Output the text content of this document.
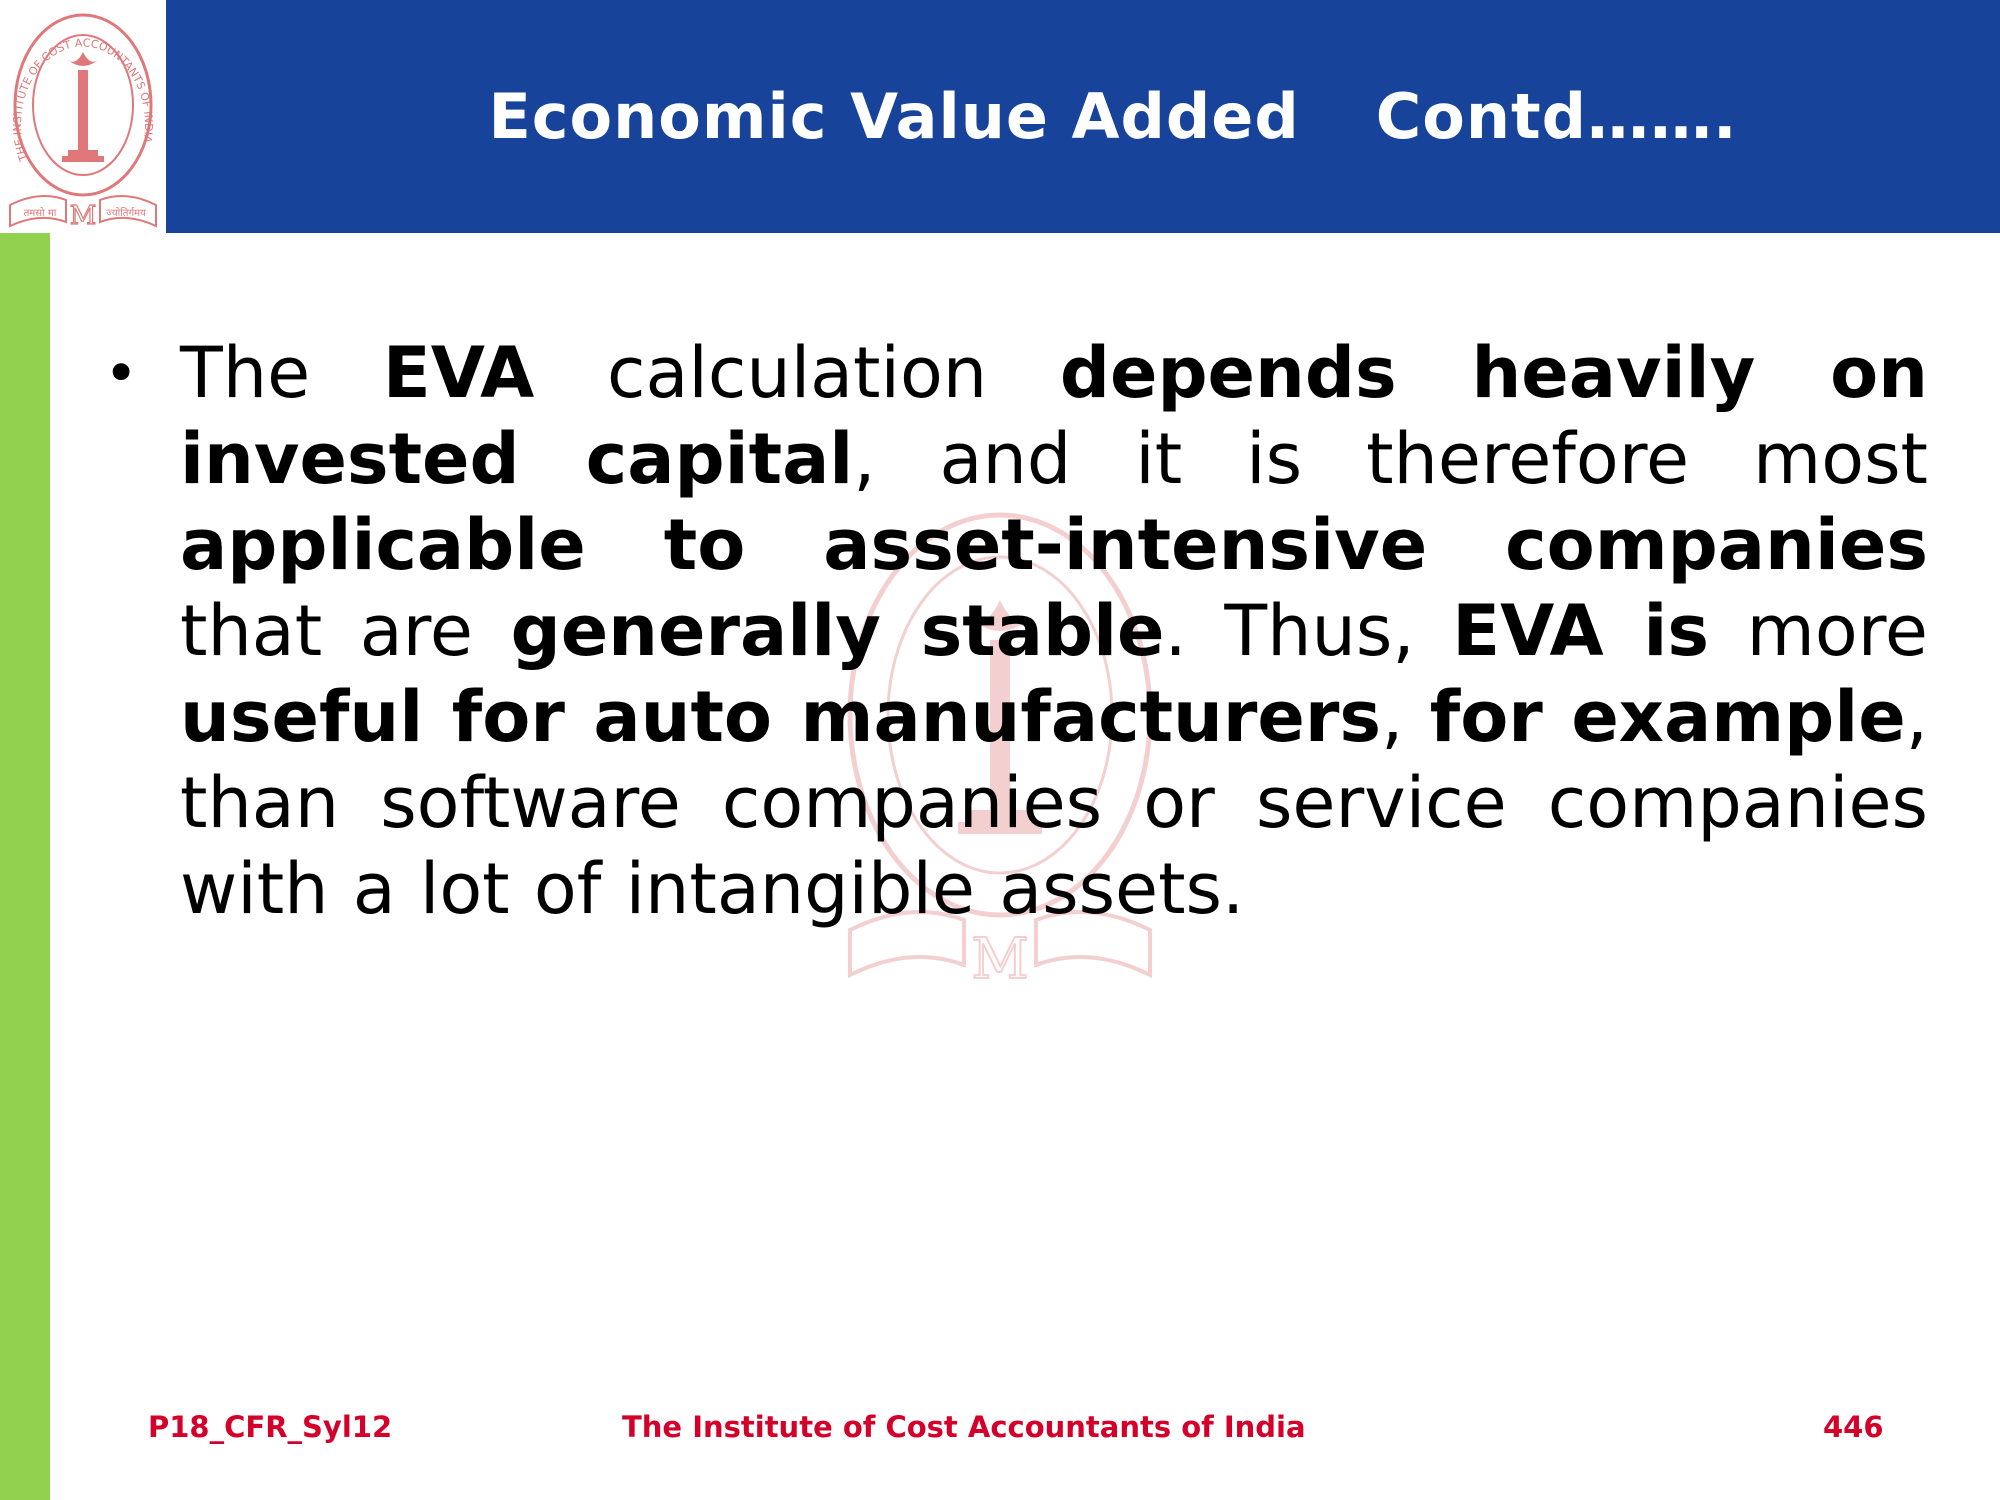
Economic Value Added Contd…….
THE INSTITUTE OF COST ACCOUNTANTS OF INDIA
तमसो मा	ज्योतिर्गमय
M
M
• The EVA calculation depends heavily on invested capital, and it is therefore most applicable to asset-intensive companies that are generally stable. Thus, EVA is more useful for auto manufacturers, for example, than software companies or service companies with a lot of intangible assets.

P18_CFR_Syl12	The Institute of Cost Accountants of India	446
